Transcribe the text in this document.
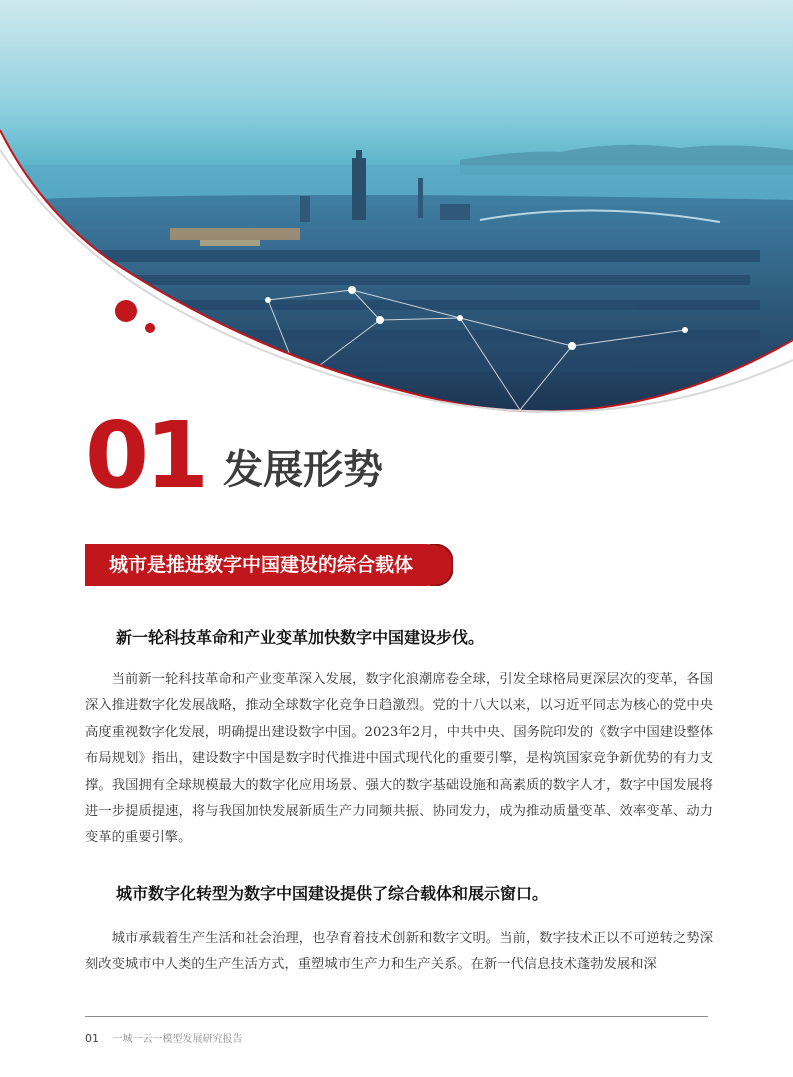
01 发展形势
城市是推进数字中国建设的综合载体
新一轮科技革命和产业变革加快数字中国建设步伐。

当前新一轮科技革命和产业变革深入发展，数字化浪潮席卷全球，引发全球格局更深层次的变革，各国深入推进数字化发展战略，推动全球数字化竞争日趋激烈。党的十八大以来，以习近平同志为核心的党中央高度重视数字化发展，明确提出建设数字中国。2023年2月，中共中央、国务院印发的《数字中国建设整体布局规划》指出，建设数字中国是数字时代推进中国式现代化的重要引擎，是构筑国家竞争新优势的有力支撑。我国拥有全球规模最大的数字化应用场景、强大的数字基础设施和高素质的数字人才，数字中国发展将进一步提质提速，将与我国加快发展新质生产力同频共振、协同发力，成为推动质量变革、效率变革、动力变革的重要引擎。

城市数字化转型为数字中国建设提供了综合载体和展示窗口。

城市承载着生产生活和社会治理，也孕育着技术创新和数字文明。当前，数字技术正以不可逆转之势深刻改变城市中人类的生产生活方式，重塑城市生产力和生产关系。在新一代信息技术蓬勃发展和深

01 一城一云一模型发展研究报告
